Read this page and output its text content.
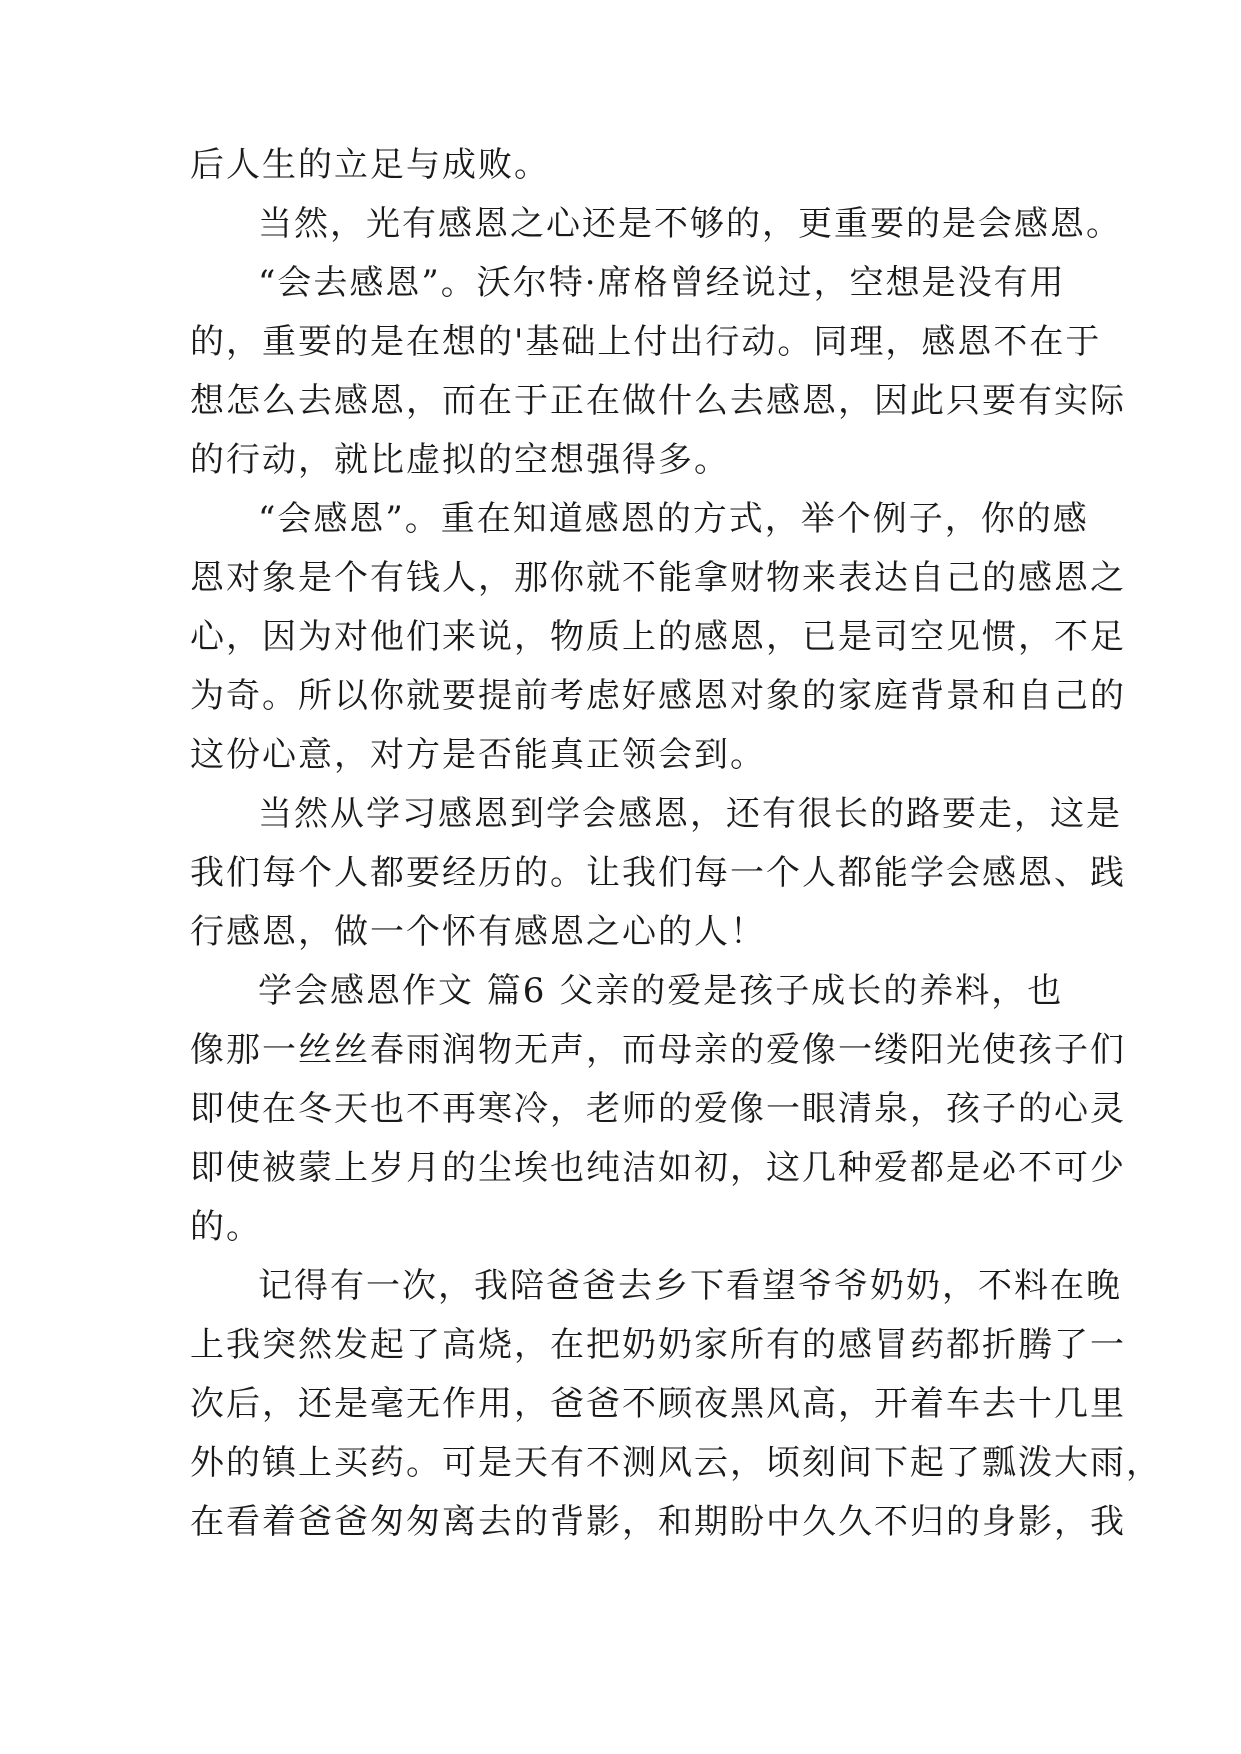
后人生的立足与成败。
当然，光有感恩之心还是不够的，更重要的是会感恩。
“会去感恩”。沃尔特·席格曾经说过，空想是没有用
的，重要的是在想的'基础上付出行动。同理，感恩不在于
想怎么去感恩，而在于正在做什么去感恩，因此只要有实际
的行动，就比虚拟的空想强得多。
“会感恩”。重在知道感恩的方式，举个例子，你的感
恩对象是个有钱人，那你就不能拿财物来表达自己的感恩之
心，因为对他们来说，物质上的感恩，已是司空见惯，不足
为奇。所以你就要提前考虑好感恩对象的家庭背景和自己的
这份心意，对方是否能真正领会到。
当然从学习感恩到学会感恩，还有很长的路要走，这是
我们每个人都要经历的。让我们每一个人都能学会感恩、践
行感恩，做一个怀有感恩之心的人！
学会感恩作文 篇6 父亲的爱是孩子成长的养料，也
像那一丝丝春雨润物无声，而母亲的爱像一缕阳光使孩子们
即使在冬天也不再寒冷，老师的爱像一眼清泉，孩子的心灵
即使被蒙上岁月的尘埃也纯洁如初，这几种爱都是必不可少
的。
记得有一次，我陪爸爸去乡下看望爷爷奶奶，不料在晚
上我突然发起了高烧，在把奶奶家所有的感冒药都折腾了一
次后，还是毫无作用，爸爸不顾夜黑风高，开着车去十几里
外的镇上买药。可是天有不测风云，顷刻间下起了瓢泼大雨，
在看着爸爸匆匆离去的背影，和期盼中久久不归的身影，我
